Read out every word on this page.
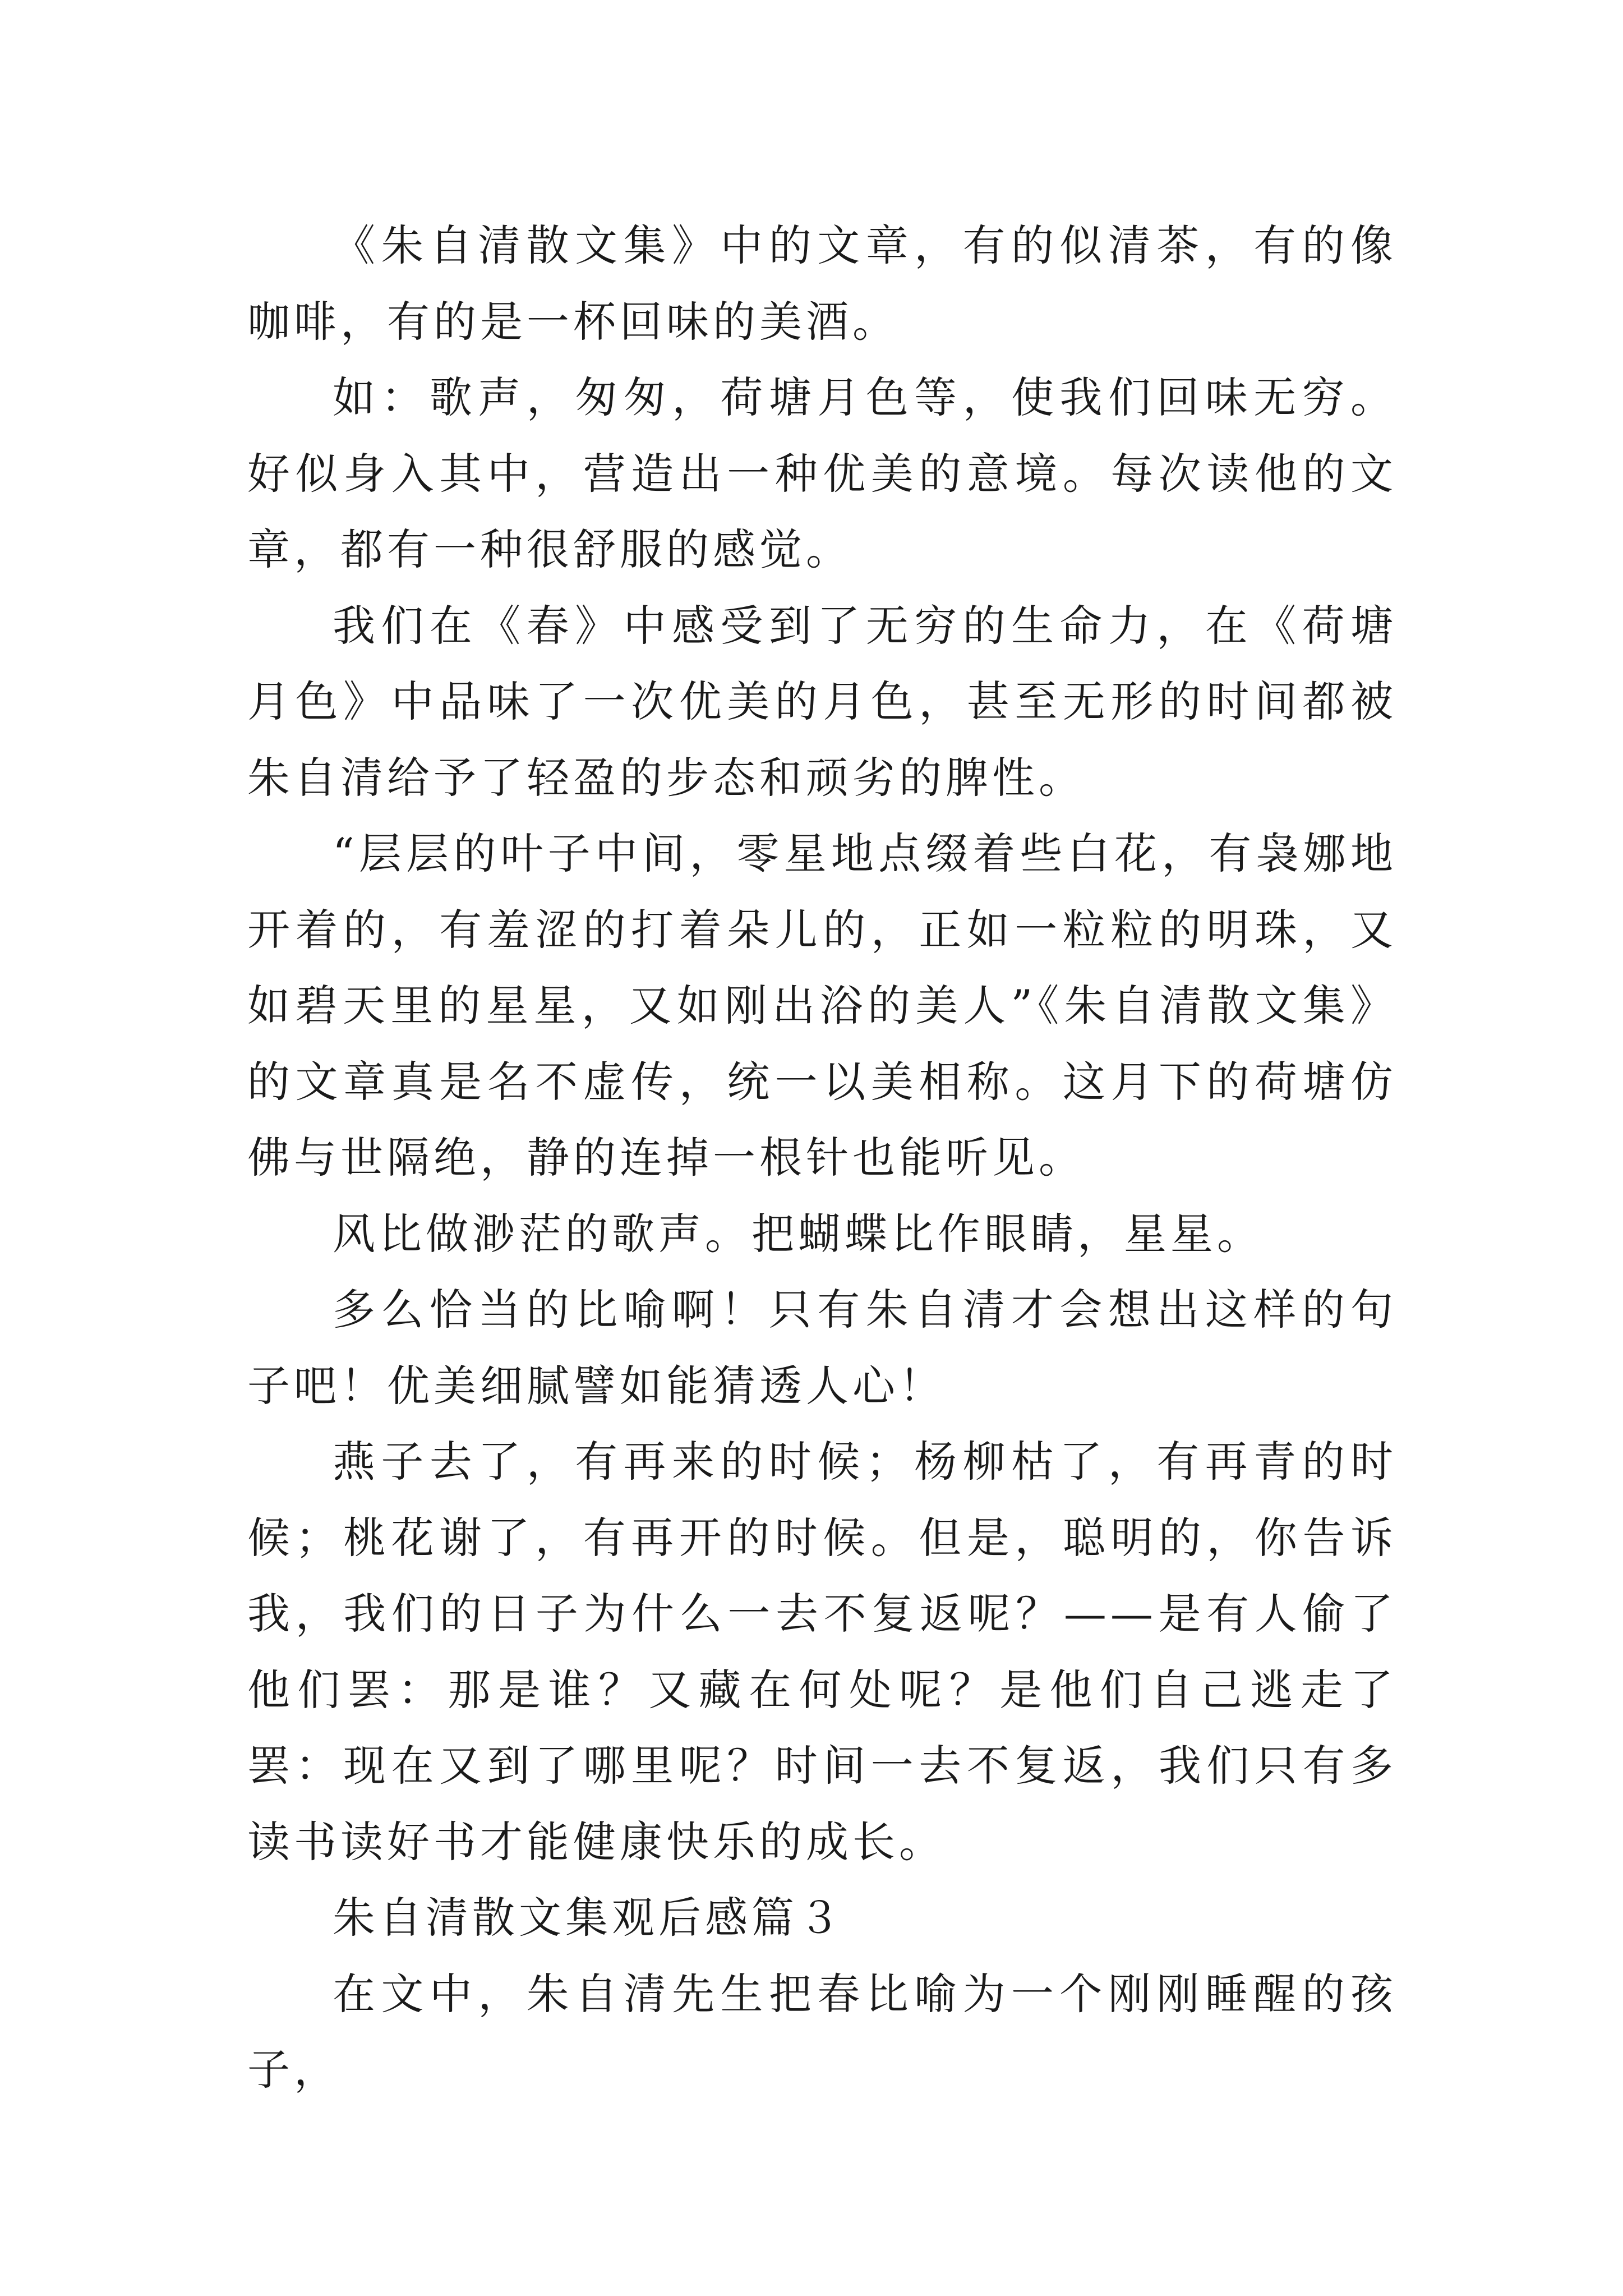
《朱自清散文集》中的文章，有的似清茶，有的像咖啡，有的是一杯回味的美酒。

如：歌声，匆匆，荷塘月色等，使我们回味无穷。好似身入其中，营造出一种优美的意境。每次读他的文章，都有一种很舒服的感觉。

我们在《春》中感受到了无穷的生命力，在《荷塘月色》中品味了一次优美的月色，甚至无形的时间都被朱自清给予了轻盈的步态和顽劣的脾性。

“层层的叶子中间，零星地点缀着些白花，有袅娜地开着的，有羞涩的打着朵儿的，正如一粒粒的明珠，又如碧天里的星星，又如刚出浴的美人”《朱自清散文集》的文章真是名不虚传，统一以美相称。这月下的荷塘仿佛与世隔绝，静的连掉一根针也能听见。

风比做渺茫的歌声。把蝴蝶比作眼睛，星星。

多么恰当的比喻啊！只有朱自清才会想出这样的句子吧！优美细腻譬如能猜透人心！

燕子去了，有再来的时候；杨柳枯了，有再青的时候；桃花谢了，有再开的时候。但是，聪明的，你告诉我，我们的日子为什么一去不复返呢？——是有人偷了他们罢：那是谁？又藏在何处呢？是他们自己逃走了罢：现在又到了哪里呢？时间一去不复返，我们只有多读书读好书才能健康快乐的成长。

朱自清散文集观后感篇３

在文中，朱自清先生把春比喻为一个刚刚睡醒的孩子，
